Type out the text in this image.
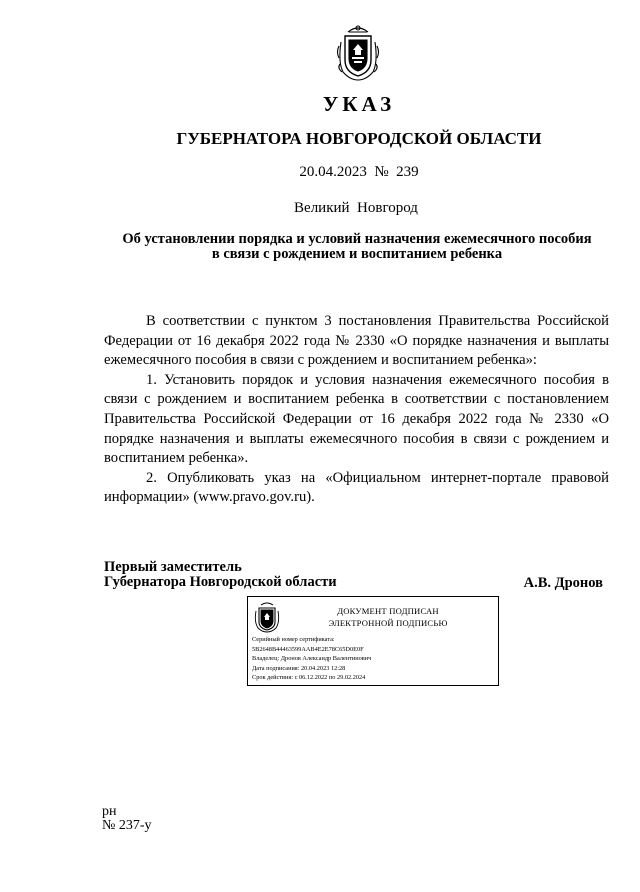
УКАЗ
ГУБЕРНАТОРА НОВГОРОДСКОЙ ОБЛАСТИ
20.04.2023 № 239
Великий  Новгород
Об установлении порядка и условий назначения ежемесячного пособия
в связи с рождением и воспитанием ребенка

В соответствии с пунктом 3 постановления Правительства Российской Федерации от 16 декабря 2022 года № 2330 «О порядке назначения и выплаты ежемесячного пособия в связи с рождением и воспитанием ребенка»:

1. Установить порядок и условия назначения ежемесячного пособия в связи с рождением и воспитанием ребенка в соответствии с постановлением Правительства Российской Федерации от 16 декабря 2022 года № 2330 «О порядке назначения и выплаты ежемесячного пособия в связи с рождением и воспитанием ребенка».

2. Опубликовать указ на «Официальном интернет-портале правовой информации» (www.pravo.gov.ru).

Первый заместитель
Губернатора Новгородской области	А.В. Дронов
ДОКУМЕНТ ПОДПИСАН
ЭЛЕКТРОННОЙ ПОДПИСЬЮ
Серийный номер сертификата:
5B2648B44463599AAB4E2E78C65D0E0F
Владелец: Дронов Александр Валентинович
Дата подписания: 20.04.2023 12:28
Срок действия: с 06.12.2022 по 29.02.2024
рн
№ 237-у
